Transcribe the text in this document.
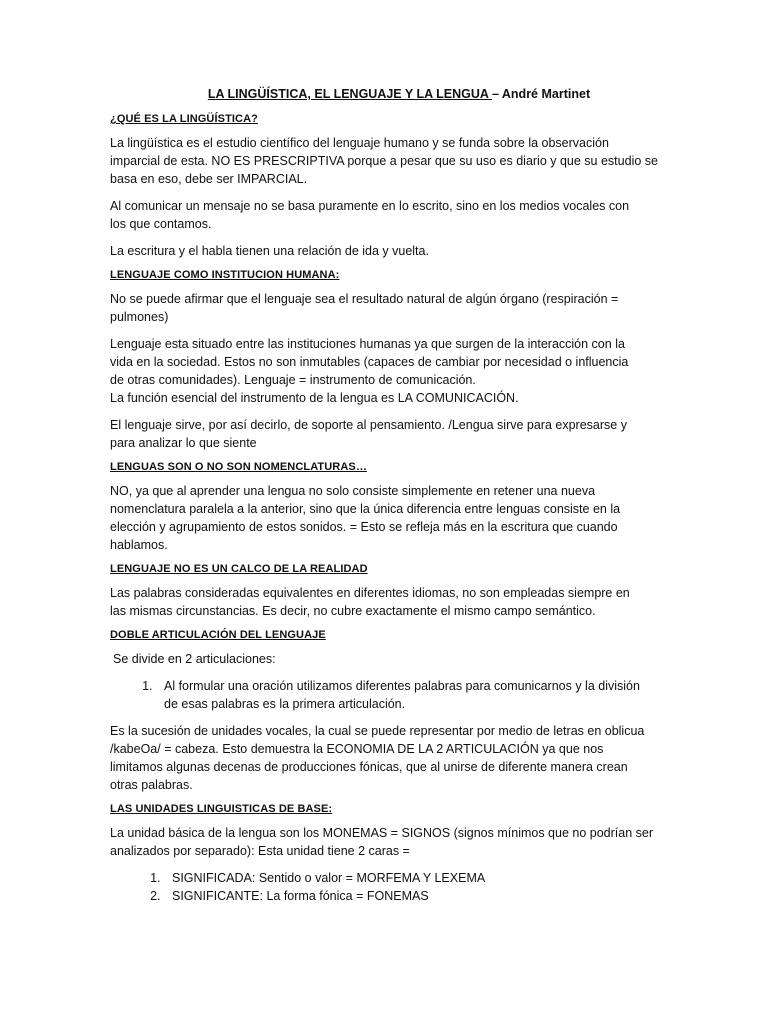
LA LINGÜÍSTICA, EL LENGUAJE Y LA LENGUA – André Martinet
¿QUÉ ES LA LINGÜÍSTICA?
La lingüística es el estudio científico del lenguaje humano y se funda sobre la observación
imparcial de esta. NO ES PRESCRIPTIVA porque a pesar que su uso es diario y que su estudio se
basa en eso, debe ser IMPARCIAL.
Al comunicar un mensaje no se basa puramente en lo escrito, sino en los medios vocales con
los que contamos.
La escritura y el habla tienen una relación de ida y vuelta.
LENGUAJE COMO INSTITUCION HUMANA:
No se puede afirmar que el lenguaje sea el resultado natural de algún órgano (respiración =
pulmones)
Lenguaje esta situado entre las instituciones humanas ya que surgen de la interacción con la
vida en la sociedad. Estos no son inmutables (capaces de cambiar por necesidad o influencia
de otras comunidades). Lenguaje = instrumento de comunicación.
La función esencial del instrumento de la lengua es LA COMUNICACIÓN.
El lenguaje sirve, por así decirlo, de soporte al pensamiento. /Lengua sirve para expresarse y
para analizar lo que siente
LENGUAS SON O NO SON NOMENCLATURAS…
NO, ya que al aprender una lengua no solo consiste simplemente en retener una nueva
nomenclatura paralela a la anterior, sino que la única diferencia entre lenguas consiste en la
elección y agrupamiento de estos sonidos. = Esto se refleja más en la escritura que cuando
hablamos.
LENGUAJE NO ES UN CALCO DE LA REALIDAD
Las palabras consideradas equivalentes en diferentes idiomas, no son empleadas siempre en
las mismas circunstancias. Es decir, no cubre exactamente el mismo campo semántico.
DOBLE ARTICULACIÓN DEL LENGUAJE
Se divide en 2 articulaciones:
1. Al formular una oración utilizamos diferentes palabras para comunicarnos y la división
de esas palabras es la primera articulación.
Es la sucesión de unidades vocales, la cual se puede representar por medio de letras en oblicua
/kabeOa/ = cabeza. Esto demuestra la ECONOMIA DE LA 2 ARTICULACIÓN ya que nos
limitamos algunas decenas de producciones fónicas, que al unirse de diferente manera crean
otras palabras.
LAS UNIDADES LINGUISTICAS DE BASE:
La unidad básica de la lengua son los MONEMAS = SIGNOS (signos mínimos que no podrían ser
analizados por separado): Esta unidad tiene 2 caras =
1. SIGNIFICADA: Sentido o valor = MORFEMA Y LEXEMA
2. SIGNIFICANTE: La forma fónica = FONEMAS
